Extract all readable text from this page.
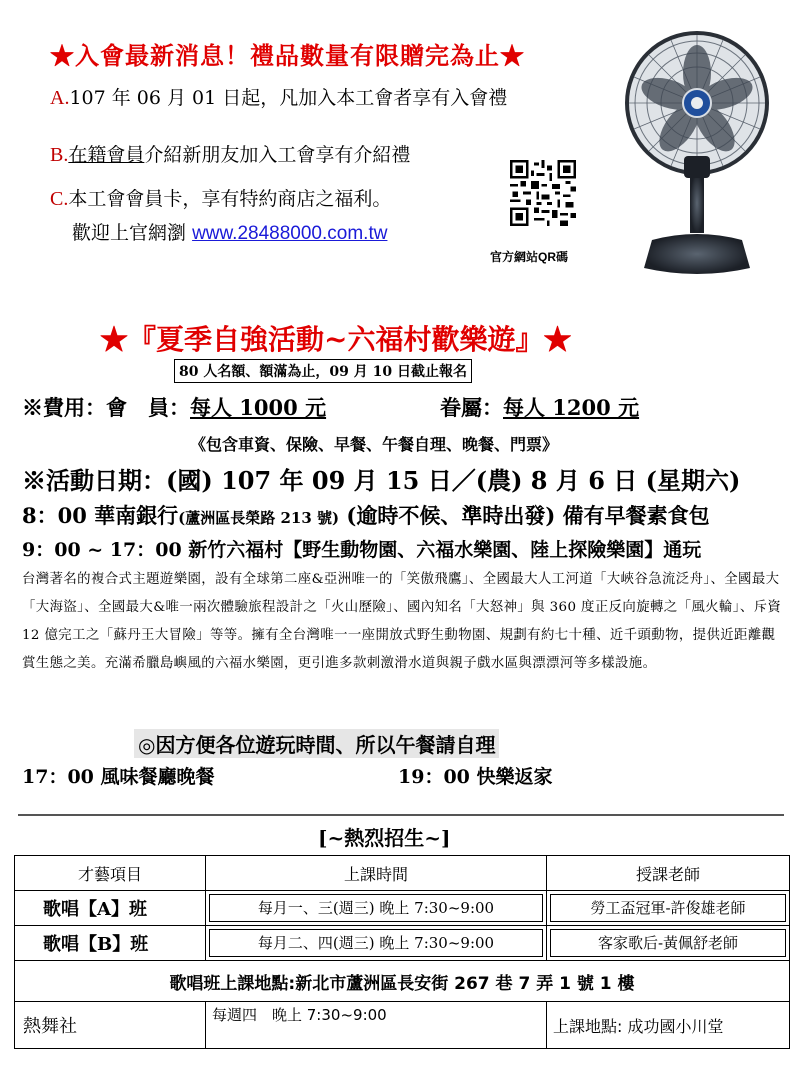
★入會最新消息！禮品數量有限贈完為止★
A.107 年 06 月 01 日起，凡加入本工會者享有入會禮
B.在籍會員介紹新朋友加入工會享有介紹禮
C.本工會會員卡，享有特約商店之福利。
歡迎上官網瀏 www.28488000.com.tw
官方網站QR碼
★『夏季自強活動~六福村歡樂遊』★
80 人名額、額滿為止，09 月 10 日截止報名
※費用：會　員：每人 1000 元	眷屬：每人 1200 元
《包含車資、保險、早餐、午餐自理、晚餐、門票》
※活動日期：(國) 107 年 09 月 15 日／(農) 8 月 6 日 (星期六)
8：00 華南銀行(蘆洲區長榮路 213 號) (逾時不候、準時出發) 備有早餐素食包
9：00 ~ 17：00 新竹六福村【野生動物園、六福水樂園、陸上探險樂園】通玩
台灣著名的複合式主題遊樂園，設有全球第二座&亞洲唯一的「笑傲飛鷹」、全國最大人工河道「大峽谷急流泛舟」、全國最大「大海盜」、全國最大&唯一兩次體驗旅程設計之「火山歷險」、國內知名「大怒神」與 360 度正反向旋轉之「風火輪」、斥資 12 億完工之「蘇丹王大冒險」等等。擁有全台灣唯一一座開放式野生動物園、規劃有約七十種、近千頭動物，提供近距離觀賞生態之美。充滿希臘島嶼風的六福水樂園，更引進多款刺激滑水道與親子戲水區與漂漂河等多樣設施。
◎因方便各位遊玩時間、所以午餐請自理
17：00 風味餐廳晚餐	19：00 快樂返家
[~熱烈招生~]
才藝項目	上課時間	授課老師
歌唱【A】班	每月一、三(週三) 晚上 7:30~9:00	勞工盃冠軍-許俊雄老師

歌唱【B】班	每月二、四(週三) 晚上 7:30~9:00	客家歌后-黃佩舒老師

歌唱班上課地點:新北市蘆洲區長安街 267 巷 7 弄 1 號 1 樓		
熱舞社	每週四　晚上 7:30~9:00	上課地點: 成功國小川堂
